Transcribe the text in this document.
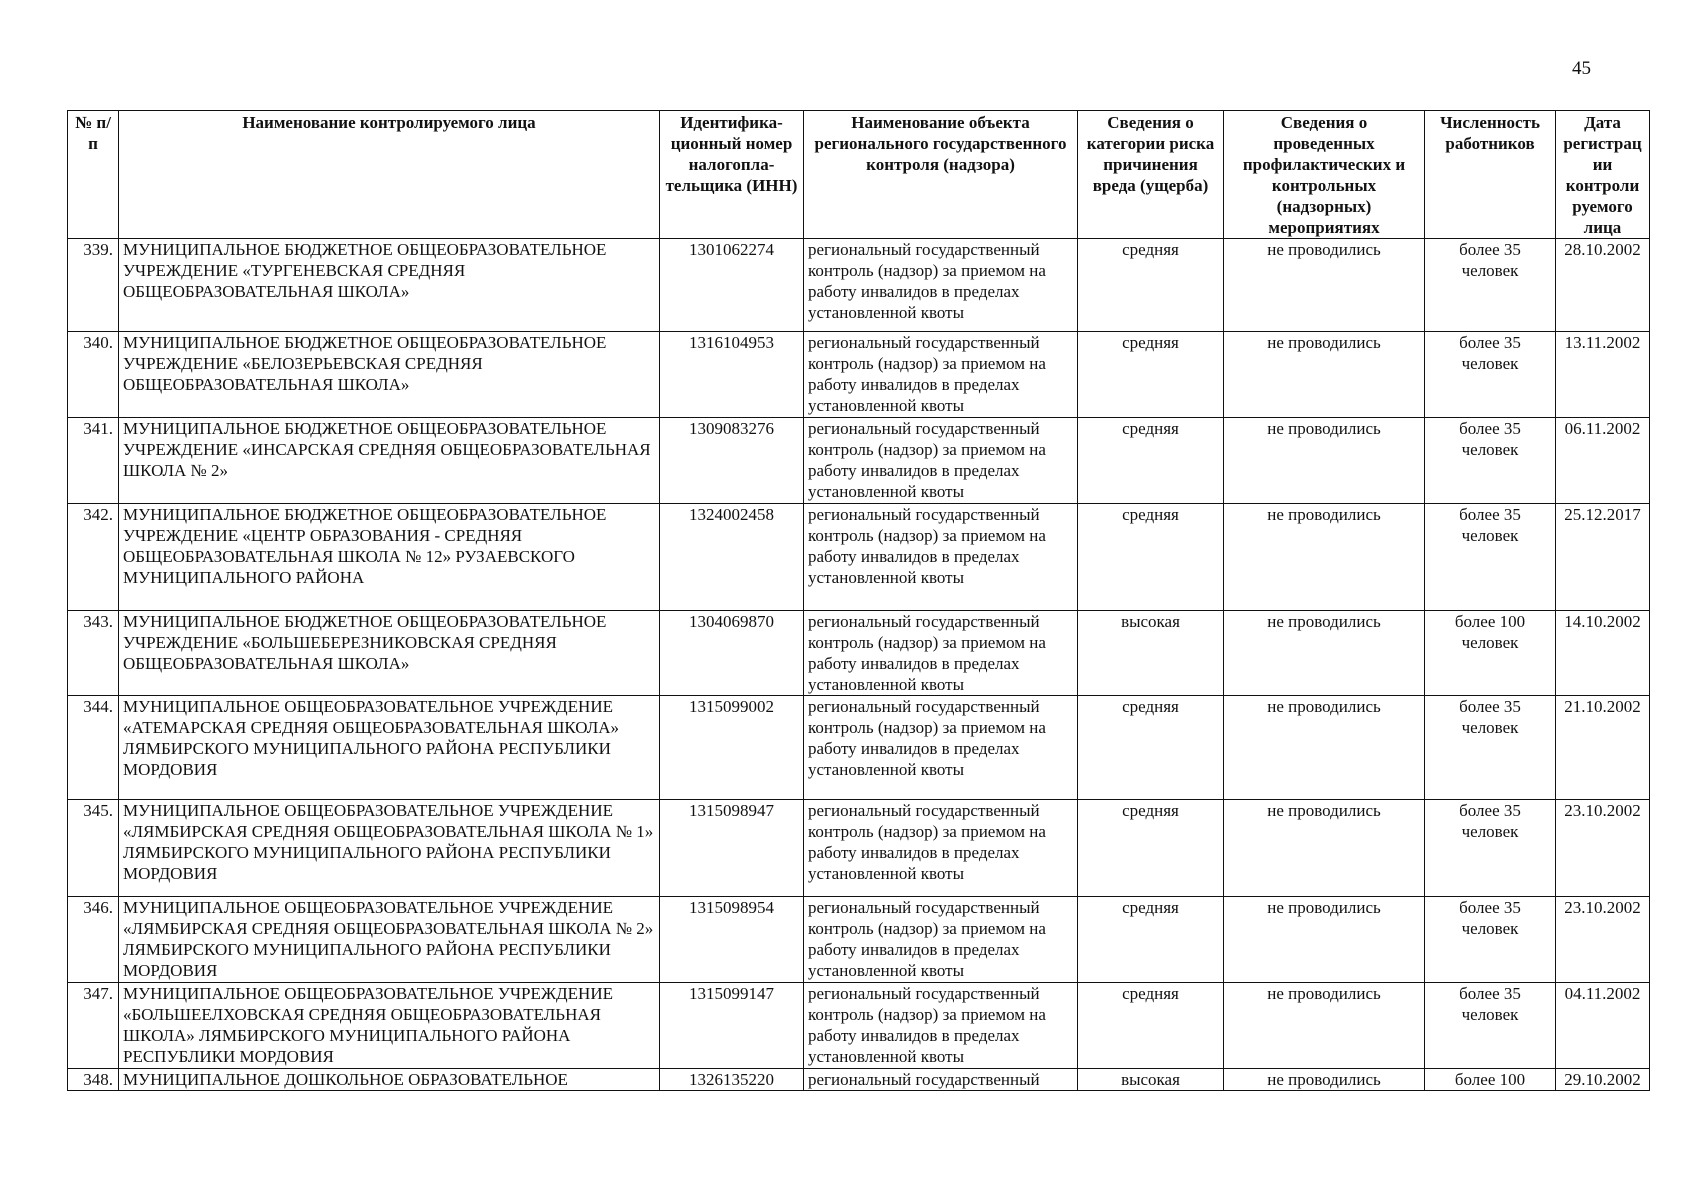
45
№ п/п	Наименование контролируемого лица	Идентифика-ционный номер налогопла-тельщика (ИНН)	Наименование объекта регионального государственного контроля (надзора)	Сведения о категории риска причинения вреда (ущерба)	Сведения о проведенных профилактических и контрольных (надзорных) мероприятиях	Численность работников	Дата регистрац ии контроли руемого лица
339.	МУНИЦИПАЛЬНОЕ БЮДЖЕТНОЕ ОБЩЕОБРАЗОВАТЕЛЬНОЕ УЧРЕЖДЕНИЕ «ТУРГЕНЕВСКАЯ СРЕДНЯЯ ОБЩЕОБРАЗОВАТЕЛЬНАЯ ШКОЛА»	1301062274	региональный государственный контроль (надзор) за приемом на работу инвалидов в пределах установленной квоты	средняя	не проводились	более 35 человек	28.10.2002
340.	МУНИЦИПАЛЬНОЕ БЮДЖЕТНОЕ ОБЩЕОБРАЗОВАТЕЛЬНОЕ УЧРЕЖДЕНИЕ «БЕЛОЗЕРЬЕВСКАЯ СРЕДНЯЯ ОБЩЕОБРАЗОВАТЕЛЬНАЯ ШКОЛА»	1316104953	региональный государственный контроль (надзор) за приемом на работу инвалидов в пределах установленной квоты	средняя	не проводились	более 35 человек	13.11.2002
341.	МУНИЦИПАЛЬНОЕ БЮДЖЕТНОЕ ОБЩЕОБРАЗОВАТЕЛЬНОЕ УЧРЕЖДЕНИЕ «ИНСАРСКАЯ СРЕДНЯЯ ОБЩЕОБРАЗОВАТЕЛЬНАЯ ШКОЛА № 2»	1309083276	региональный государственный контроль (надзор) за приемом на работу инвалидов в пределах установленной квоты	средняя	не проводились	более 35 человек	06.11.2002
342.	МУНИЦИПАЛЬНОЕ БЮДЖЕТНОЕ ОБЩЕОБРАЗОВАТЕЛЬНОЕ УЧРЕЖДЕНИЕ «ЦЕНТР ОБРАЗОВАНИЯ - СРЕДНЯЯ ОБЩЕОБРАЗОВАТЕЛЬНАЯ ШКОЛА № 12» РУЗАЕВСКОГО МУНИЦИПАЛЬНОГО РАЙОНА	1324002458	региональный государственный контроль (надзор) за приемом на работу инвалидов в пределах установленной квоты	средняя	не проводились	более 35 человек	25.12.2017
343.	МУНИЦИПАЛЬНОЕ БЮДЖЕТНОЕ ОБЩЕОБРАЗОВАТЕЛЬНОЕ УЧРЕЖДЕНИЕ «БОЛЬШЕБЕРЕЗНИКОВСКАЯ СРЕДНЯЯ ОБЩЕОБРАЗОВАТЕЛЬНАЯ ШКОЛА»	1304069870	региональный государственный контроль (надзор) за приемом на работу инвалидов в пределах установленной квоты	высокая	не проводились	более 100 человек	14.10.2002
344.	МУНИЦИПАЛЬНОЕ ОБЩЕОБРАЗОВАТЕЛЬНОЕ УЧРЕЖДЕНИЕ «АТЕМАРСКАЯ СРЕДНЯЯ ОБЩЕОБРАЗОВАТЕЛЬНАЯ ШКОЛА» ЛЯМБИРСКОГО МУНИЦИПАЛЬНОГО РАЙОНА РЕСПУБЛИКИ МОРДОВИЯ	1315099002	региональный государственный контроль (надзор) за приемом на работу инвалидов в пределах установленной квоты	средняя	не проводились	более 35 человек	21.10.2002
345.	МУНИЦИПАЛЬНОЕ ОБЩЕОБРАЗОВАТЕЛЬНОЕ УЧРЕЖДЕНИЕ «ЛЯМБИРСКАЯ СРЕДНЯЯ ОБЩЕОБРАЗОВАТЕЛЬНАЯ ШКОЛА № 1» ЛЯМБИРСКОГО МУНИЦИПАЛЬНОГО РАЙОНА РЕСПУБЛИКИ МОРДОВИЯ	1315098947	региональный государственный контроль (надзор) за приемом на работу инвалидов в пределах установленной квоты	средняя	не проводились	более 35 человек	23.10.2002
346.	МУНИЦИПАЛЬНОЕ ОБЩЕОБРАЗОВАТЕЛЬНОЕ УЧРЕЖДЕНИЕ «ЛЯМБИРСКАЯ СРЕДНЯЯ ОБЩЕОБРАЗОВАТЕЛЬНАЯ ШКОЛА № 2» ЛЯМБИРСКОГО МУНИЦИПАЛЬНОГО РАЙОНА РЕСПУБЛИКИ МОРДОВИЯ	1315098954	региональный государственный контроль (надзор) за приемом на работу инвалидов в пределах установленной квоты	средняя	не проводились	более 35 человек	23.10.2002
347.	МУНИЦИПАЛЬНОЕ ОБЩЕОБРАЗОВАТЕЛЬНОЕ УЧРЕЖДЕНИЕ «БОЛЬШЕЕЛХОВСКАЯ СРЕДНЯЯ ОБЩЕОБРАЗОВАТЕЛЬНАЯ ШКОЛА» ЛЯМБИРСКОГО МУНИЦИПАЛЬНОГО РАЙОНА РЕСПУБЛИКИ МОРДОВИЯ	1315099147	региональный государственный контроль (надзор) за приемом на работу инвалидов в пределах установленной квоты	средняя	не проводились	более 35 человек	04.11.2002
348.	МУНИЦИПАЛЬНОЕ ДОШКОЛЬНОЕ ОБРАЗОВАТЕЛЬНОЕ	1326135220	региональный государственный	высокая	не проводились	более 100	29.10.2002
